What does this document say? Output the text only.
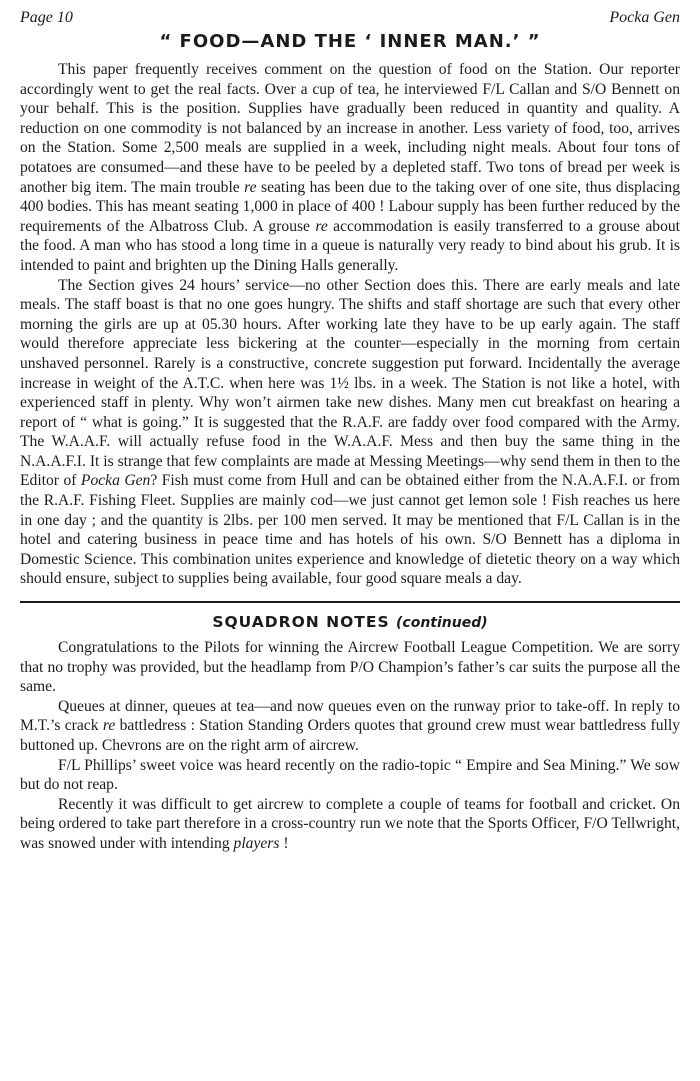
Page 10	Pocka Gen
“ FOOD—AND THE ‘ INNER MAN.’ ”

This paper frequently receives comment on the question of food on the Station. Our reporter accordingly went to get the real facts. Over a cup of tea, he interviewed F/L Callan and S/O Bennett on your behalf. This is the position. Supplies have gradually been reduced in quantity and quality. A reduction on one commodity is not balanced by an increase in another. Less variety of food, too, arrives on the Station. Some 2,500 meals are supplied in a week, including night meals. About four tons of potatoes are consumed—and these have to be peeled by a depleted staff. Two tons of bread per week is another big item. The main trouble re seating has been due to the taking over of one site, thus displacing 400 bodies. This has meant seating 1,000 in place of 400 ! Labour supply has been further reduced by the requirements of the Albatross Club. A grouse re accommodation is easily transferred to a grouse about the food. A man who has stood a long time in a queue is naturally very ready to bind about his grub. It is intended to paint and brighten up the Dining Halls generally.

The Section gives 24 hours’ service—no other Section does this. There are early meals and late meals. The staff boast is that no one goes hungry. The shifts and staff shortage are such that every other morning the girls are up at 05.30 hours. After working late they have to be up early again. The staff would therefore appreciate less bickering at the counter—especially in the morning from certain unshaved personnel. Rarely is a constructive, concrete suggestion put forward. Incidentally the average increase in weight of the A.T.C. when here was 1½ lbs. in a week. The Station is not like a hotel, with experienced staff in plenty. Why won’t airmen take new dishes. Many men cut breakfast on hearing a report of “ what is going.” It is suggested that the R.A.F. are faddy over food compared with the Army. The W.A.A.F. will actually refuse food in the W.A.A.F. Mess and then buy the same thing in the N.A.A.F.I. It is strange that few complaints are made at Messing Meetings—why send them in then to the Editor of Pocka Gen? Fish must come from Hull and can be obtained either from the N.A.A.F.I. or from the R.A.F. Fishing Fleet. Supplies are mainly cod—we just cannot get lemon sole ! Fish reaches us here in one day ; and the quantity is 2lbs. per 100 men served. It may be mentioned that F/L Callan is in the hotel and catering business in peace time and has hotels of his own. S/O Bennett has a diploma in Domestic Science. This combination unites experience and knowledge of dietetic theory on a way which should ensure, subject to supplies being available, four good square meals a day.

SQUADRON NOTES (continued)

Congratulations to the Pilots for winning the Aircrew Football League Competition. We are sorry that no trophy was provided, but the headlamp from P/O Champion’s father’s car suits the purpose all the same.

Queues at dinner, queues at tea—and now queues even on the runway prior to take-off. In reply to M.T.’s crack re battledress : Station Standing Orders quotes that ground crew must wear battledress fully buttoned up. Chevrons are on the right arm of aircrew.

F/L Phillips’ sweet voice was heard recently on the radio-topic “ Empire and Sea Mining.” We sow but do not reap.

Recently it was difficult to get aircrew to complete a couple of teams for football and cricket. On being ordered to take part therefore in a cross-country run we note that the Sports Officer, F/O Tellwright, was snowed under with intending players !
